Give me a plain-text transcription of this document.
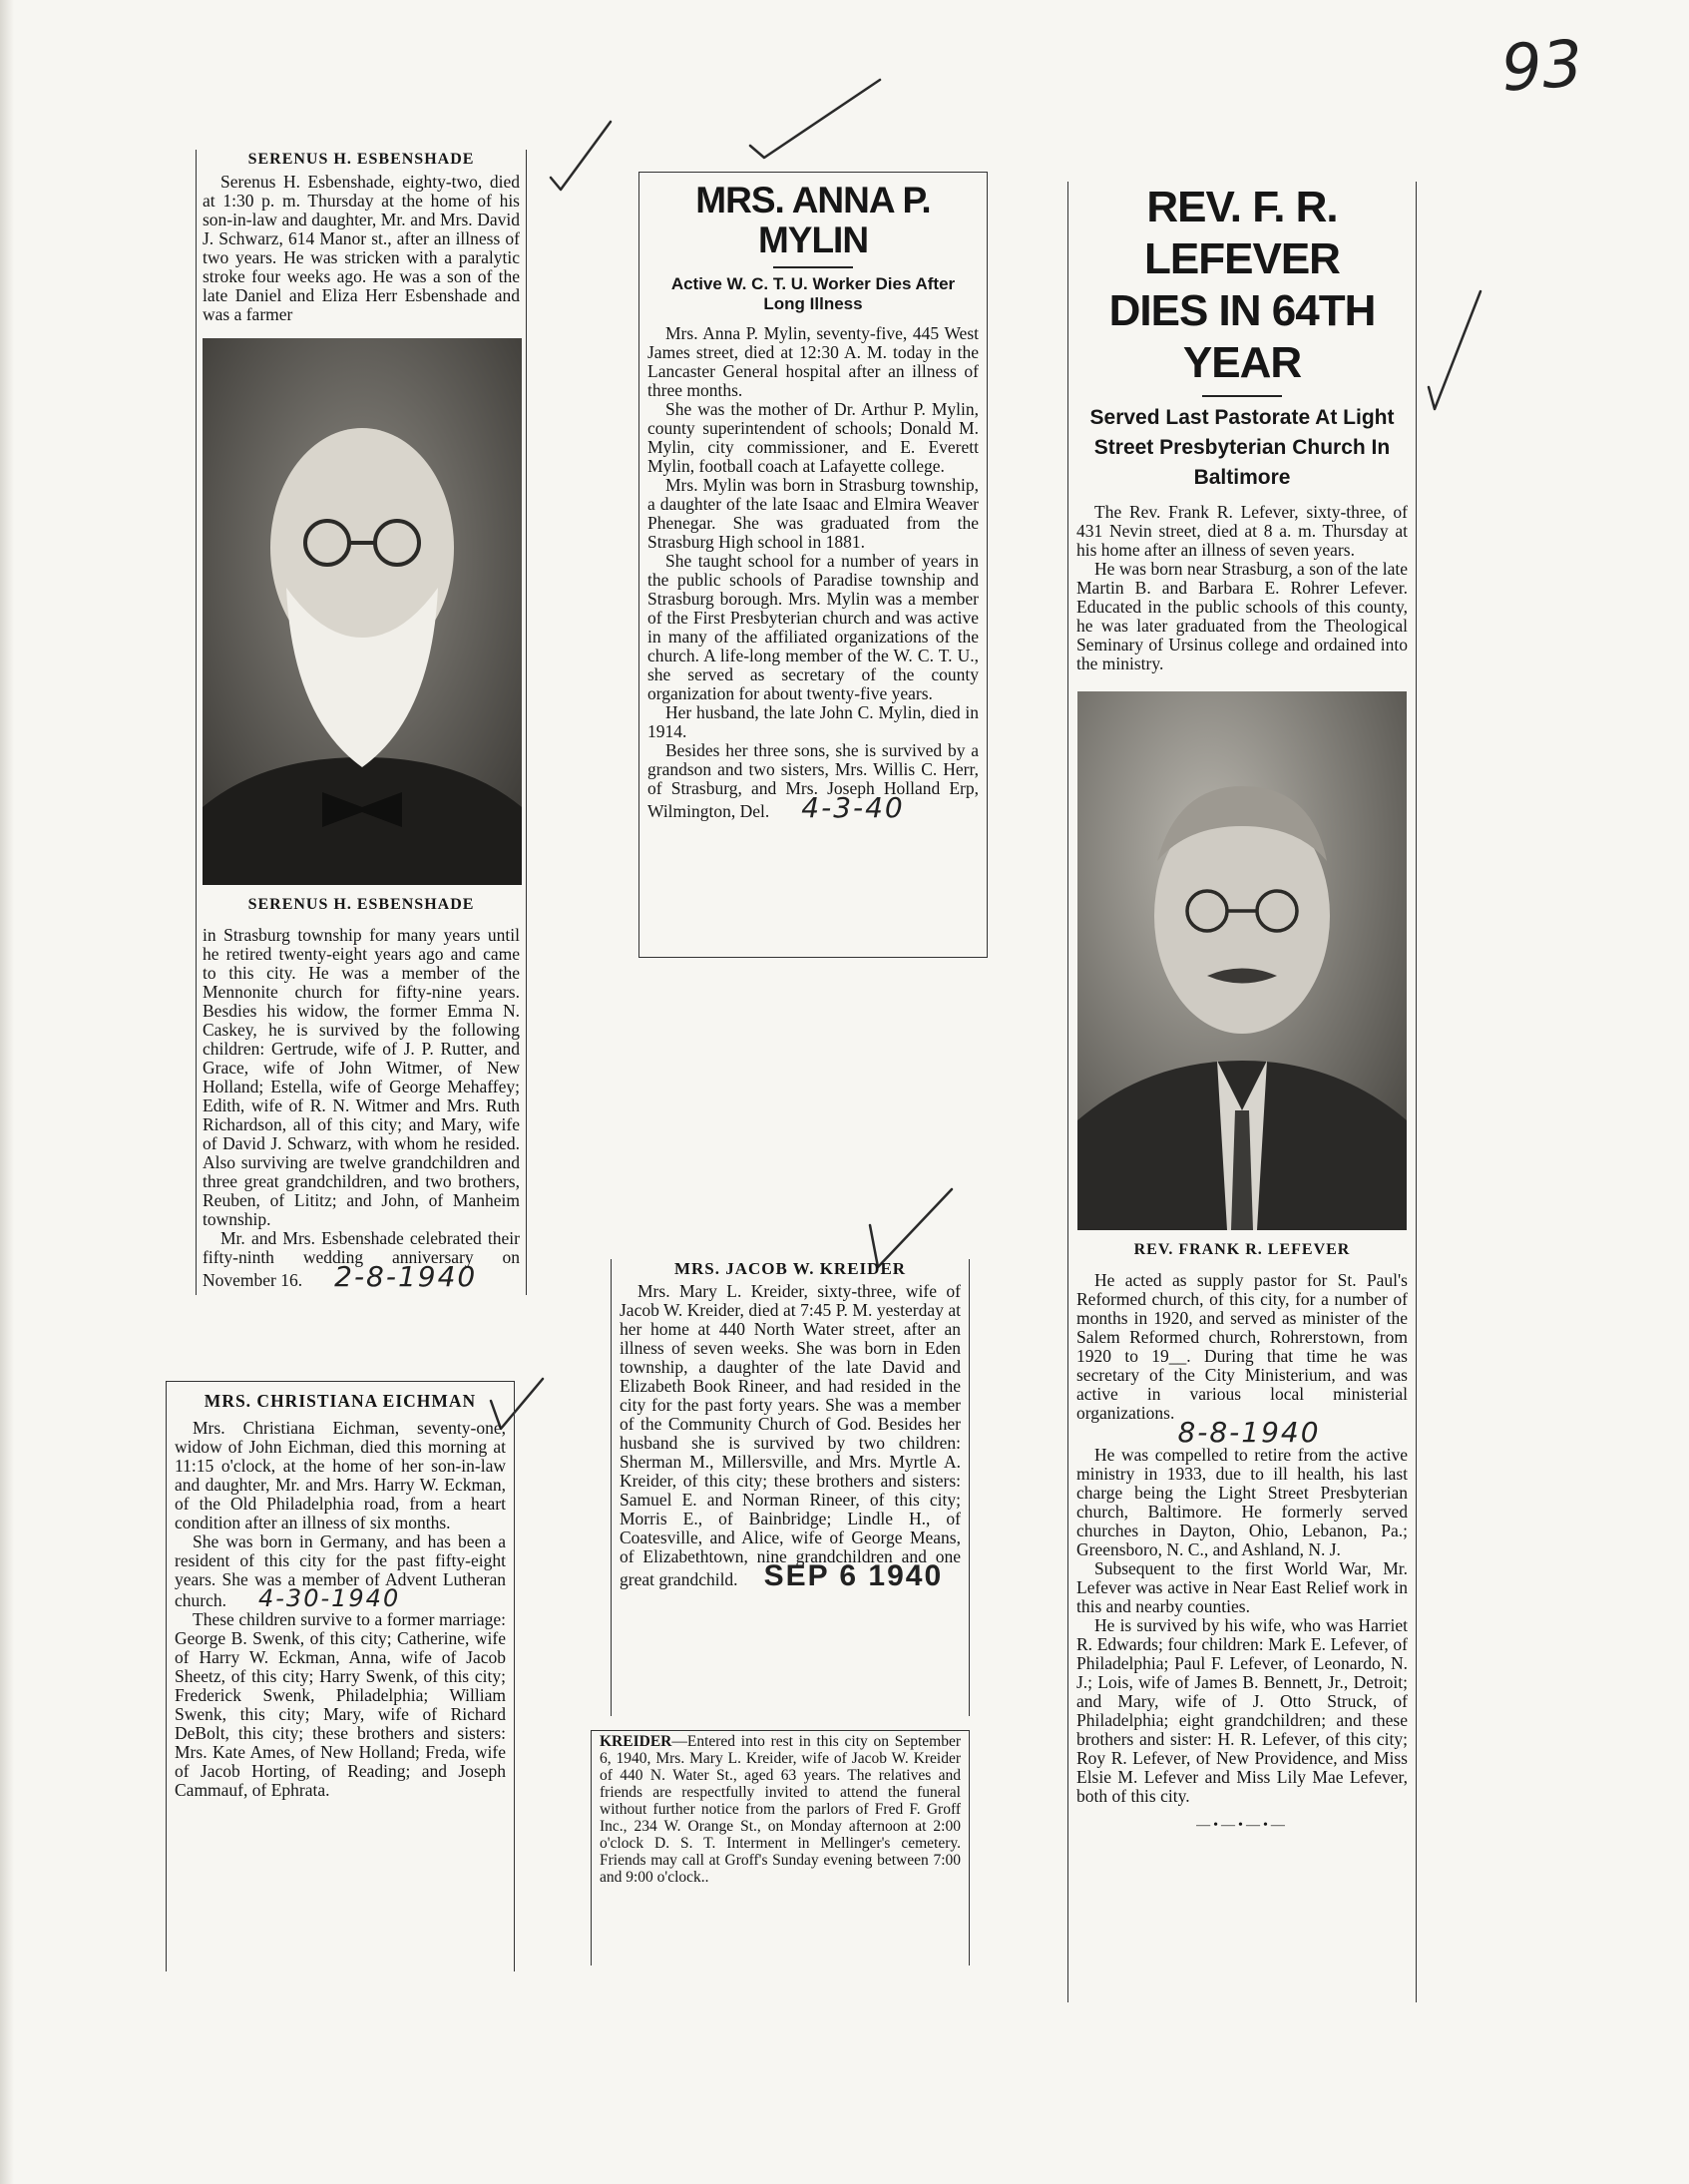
93
SERENUS H. ESBENSHADE

Serenus H. Esbenshade, eighty-two, died at 1:30 p. m. Thursday at the home of his son-in-law and daughter, Mr. and Mrs. David J. Schwarz, 614 Manor st., after an illness of two years. He was stricken with a paralytic stroke four weeks ago. He was a son of the late Daniel and Eliza Herr Esbenshade and was a farmer

SERENUS H. ESBENSHADE

in Strasburg township for many years until he retired twenty-eight years ago and came to this city. He was a member of the Mennonite church for fifty-nine years. Besdies his widow, the former Emma N. Caskey, he is survived by the following children: Gertrude, wife of J. P. Rutter, and Grace, wife of John Witmer, of New Holland; Estella, wife of George Mehaffey; Edith, wife of R. N. Witmer and Mrs. Ruth Richardson, all of this city; and Mary, wife of David J. Schwarz, with whom he resided. Also surviving are twelve grandchildren and three great grandchildren, and two brothers, Reuben, of Lititz; and John, of Manheim township.

Mr. and Mrs. Esbenshade celebrated their fifty-ninth wedding anniversary on November 16. 2-8-1940

MRS. ANNA P. MYLIN
Active W. C. T. U. Worker Dies After Long Illness

Mrs. Anna P. Mylin, seventy-five, 445 West James street, died at 12:30 A. M. today in the Lancaster General hospital after an illness of three months.

She was the mother of Dr. Arthur P. Mylin, county superintendent of schools; Donald M. Mylin, city commissioner, and E. Everett Mylin, football coach at Lafayette college.

Mrs. Mylin was born in Strasburg township, a daughter of the late Isaac and Elmira Weaver Phenegar. She was graduated from the Strasburg High school in 1881.

She taught school for a number of years in the public schools of Paradise township and Strasburg borough. Mrs. Mylin was a member of the First Presbyterian church and was active in many of the affiliated organizations of the church. A life-long member of the W. C. T. U., she served as secretary of the county organization for about twenty-five years.

Her husband, the late John C. Mylin, died in 1914.

Besides her three sons, she is survived by a grandson and two sisters, Mrs. Willis C. Herr, of Strasburg, and Mrs. Joseph Holland Erp, Wilmington, Del. 4-3-40

REV. F. R. LEFEVER
DIES IN 64TH YEAR
Served Last Pastorate At Light Street Presbyterian Church In Baltimore

The Rev. Frank R. Lefever, sixty-three, of 431 Nevin street, died at 8 a. m. Thursday at his home after an illness of seven years.

He was born near Strasburg, a son of the late Martin B. and Barbara E. Rohrer Lefever. Educated in the public schools of this county, he was later graduated from the Theological Seminary of Ursinus college and ordained into the ministry.

REV. FRANK R. LEFEVER

He acted as supply pastor for St. Paul's Reformed church, of this city, for a number of months in 1920, and served as minister of the Salem Reformed church, Rohrerstown, from 1920 to 19__. During that time he was secretary of the City Ministerium, and was active in various local ministerial organizations.

8-8-1940

He was compelled to retire from the active ministry in 1933, due to ill health, his last charge being the Light Street Presbyterian church, Baltimore. He formerly served churches in Dayton, Ohio, Lebanon, Pa.; Greensboro, N. C., and Ashland, N. J.

Subsequent to the first World War, Mr. Lefever was active in Near East Relief work in this and nearby counties.

He is survived by his wife, who was Harriet R. Edwards; four children: Mark E. Lefever, of Philadelphia; Paul F. Lefever, of Leonardo, N. J.; Lois, wife of James B. Bennett, Jr., Detroit; and Mary, wife of J. Otto Struck, of Philadelphia; eight grandchildren; and these brothers and sister: H. R. Lefever, of this city; Roy R. Lefever, of New Providence, and Miss Elsie M. Lefever and Miss Lily Mae Lefever, both of this city.

—•—•—•—
MRS. JACOB W. KREIDER

Mrs. Mary L. Kreider, sixty-three, wife of Jacob W. Kreider, died at 7:45 P. M. yesterday at her home at 440 North Water street, after an illness of seven weeks. She was born in Eden township, a daughter of the late David and Elizabeth Book Rineer, and had resided in the city for the past forty years. She was a member of the Community Church of God. Besides her husband she is survived by two children: Sherman M., Millersville, and Mrs. Myrtle A. Kreider, of this city; these brothers and sisters: Samuel E. and Norman Rineer, of this city; Morris E., of Bainbridge; Lindle H., of Coatesville, and Alice, wife of George Means, of Elizabethtown, nine grandchildren and one great grandchild. SEP 6 1940

KREIDER—Entered into rest in this city on September 6, 1940, Mrs. Mary L. Kreider, wife of Jacob W. Kreider of 440 N. Water St., aged 63 years. The relatives and friends are respectfully invited to attend the funeral without further notice from the parlors of Fred F. Groff Inc., 234 W. Orange St., on Monday afternoon at 2:00 o'clock D. S. T. Interment in Mellinger's cemetery. Friends may call at Groff's Sunday evening between 7:00 and 9:00 o'clock..

MRS. CHRISTIANA EICHMAN

Mrs. Christiana Eichman, seventy-one, widow of John Eichman, died this morning at 11:15 o'clock, at the home of her son-in-law and daughter, Mr. and Mrs. Harry W. Eckman, of the Old Philadelphia road, from a heart condition after an illness of six months.

She was born in Germany, and has been a resident of this city for the past fifty-eight years. She was a member of Advent Lutheran church. 4-30-1940

These children survive to a former marriage: George B. Swenk, of this city; Catherine, wife of Harry W. Eckman, Anna, wife of Jacob Sheetz, of this city; Harry Swenk, of this city; Frederick Swenk, Philadelphia; William Swenk, this city; Mary, wife of Richard DeBolt, this city; these brothers and sisters: Mrs. Kate Ames, of New Holland; Freda, wife of Jacob Horting, of Reading; and Joseph Cammauf, of Ephrata.
